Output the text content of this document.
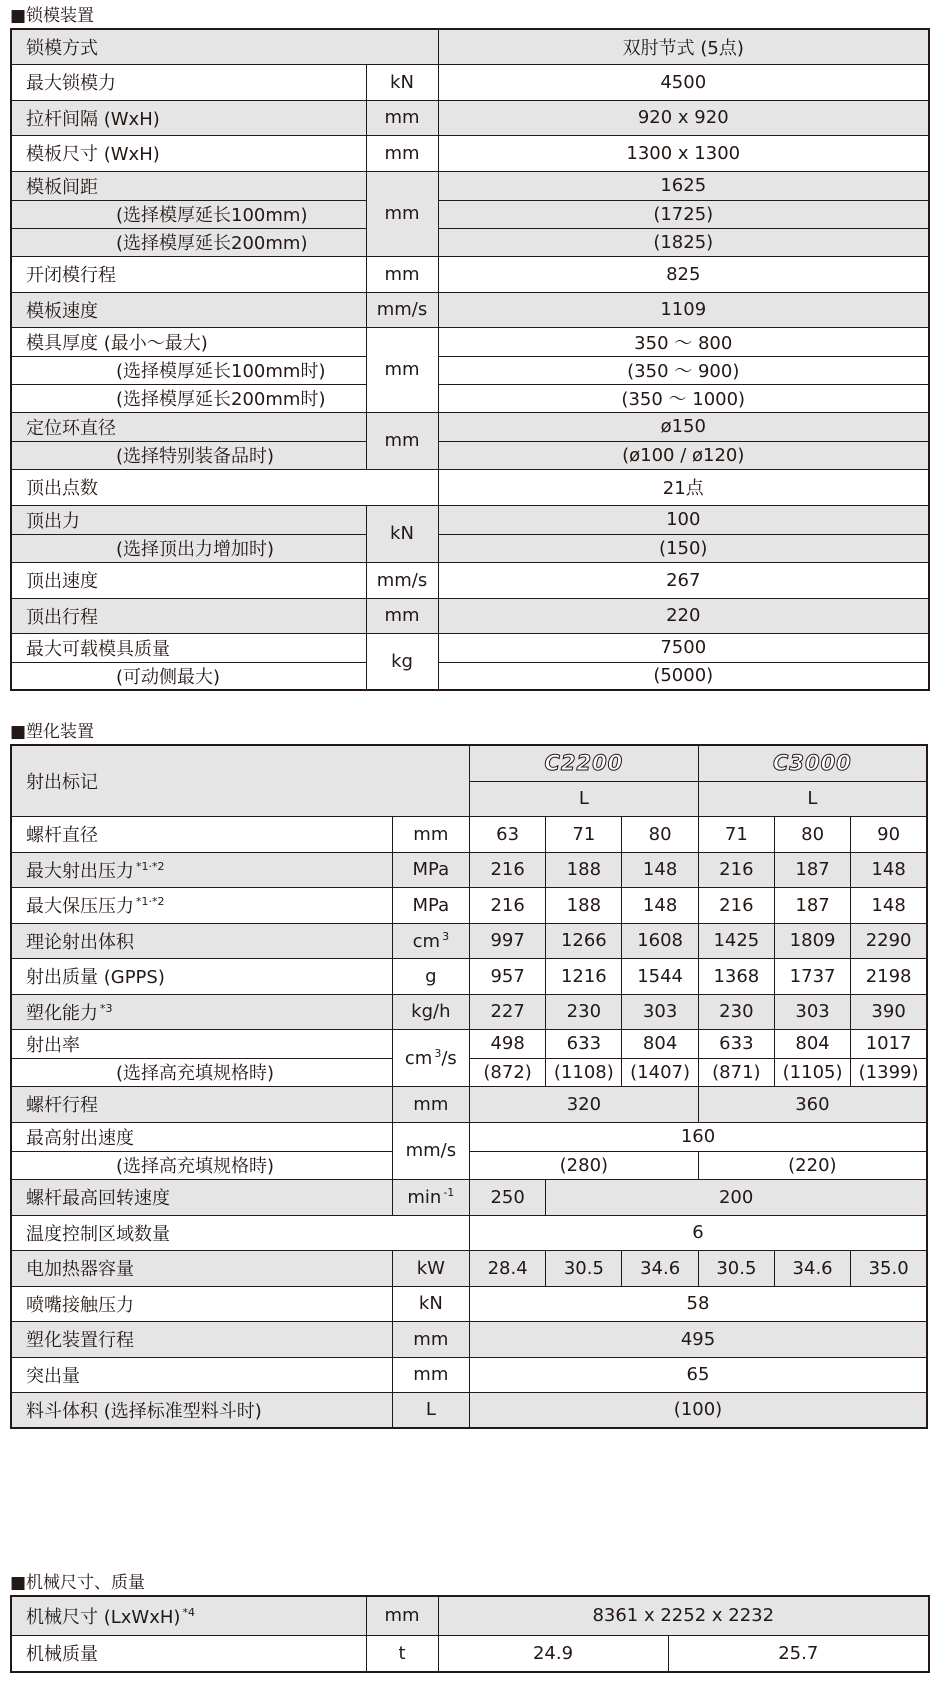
■锁模装置
锁模方式		双肘节式 (5点)
最大锁模力	kN	4500
拉杆间隔 (WxH)	mm	920 x 920
模板尺寸 (WxH)	mm	1300 x 1300
模板间距	mm	1625
(选择模厚延长100mm)		(1725)
(选择模厚延长200mm)		(1825)
开闭模行程	mm	825
模板速度	mm/s	1109
模具厚度 (最小～最大)	mm	350 ～ 800
(选择模厚延长100mm时)		(350 ～ 900)
(选择模厚延长200mm时)		(350 ～ 1000)
定位环直径	mm	ø150
(选择特别装备品时)		(ø100 / ø120)
顶出点数		21点
顶出力	kN	100
(选择顶出力增加时)		(150)
顶出速度	mm/s	267
顶出行程	mm	220
最大可载模具质量	kg	7500
(可动侧最大)		(5000)
■塑化装置
射出标记		C2200			C3000		
		L			L		
螺杆直径	mm	63	71	80	71	80	90
最大射出压力 $^{*1\cdot*2}$	MPa	216	188	148	216	187	148
最大保压压力 $^{*1\cdot*2}$	MPa	216	188	148	216	187	148
理论射出体积	cm $^3$	997	1266	1608	1425	1809	2290
射出质量 (GPPS)	g	957	1216	1544	1368	1737	2198
塑化能力 $^{*3}$	kg/h	227	230	303	230	303	390
射出率	cm $^3$/s	498	633	804	633	804	1017
(选择高充填规格時)		(872)	(1108)	(1407)	(871)	(1105)	(1399)
螺杆行程	mm	320			360		
最高射出速度	mm/s	160					
(选择高充填规格時)		(280)			(220)		
螺杆最高回转速度	min $^{-1}$	250	200				
温度控制区域数量		6					
电加热器容量	kW	28.4	30.5	34.6	30.5	34.6	35.0
喷嘴接触压力	kN	58					
塑化装置行程	mm	495					
突出量	mm	65					
料斗体积 (选择标准型料斗时)	L	(100)					
■机械尺寸、质量
机械尺寸 (LxWxH) $^{*4}$	mm	8361 x 2252 x 2232	
机械质量	t	24.9	25.7
